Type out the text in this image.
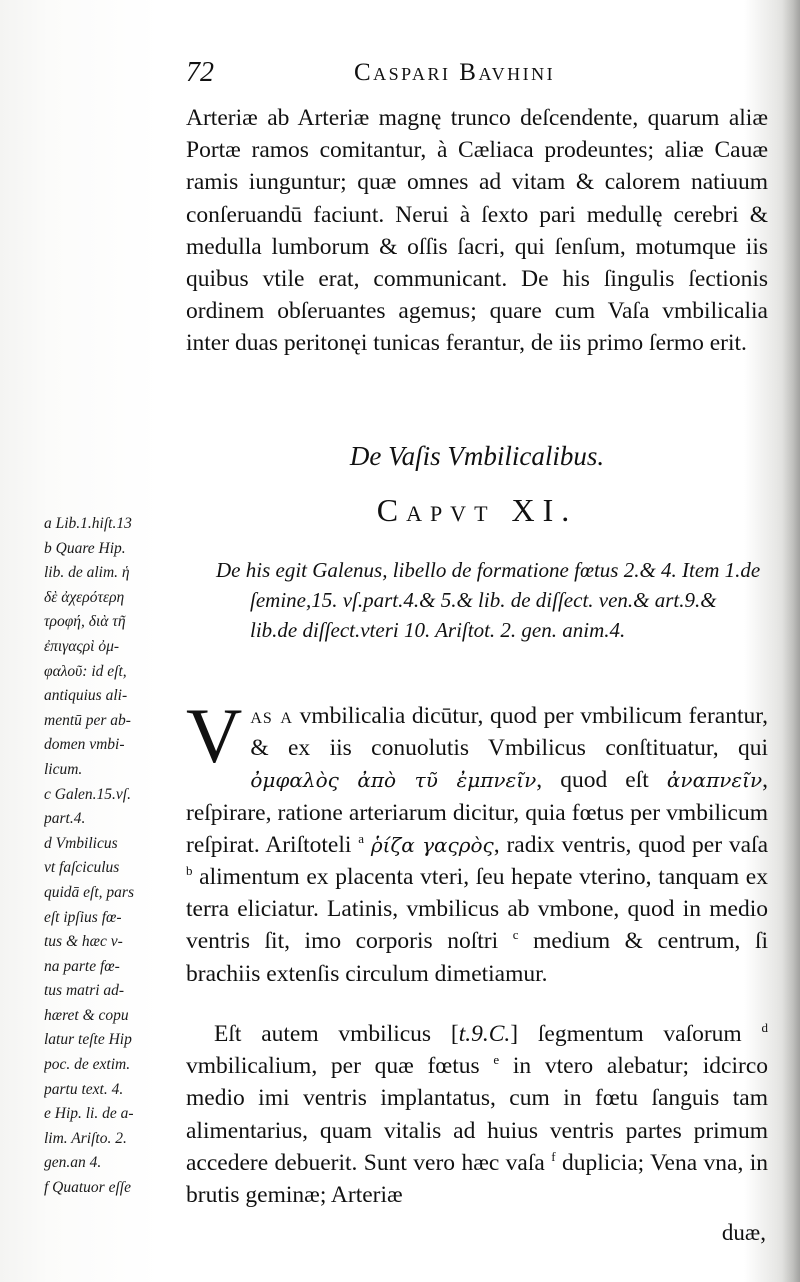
72	Caspari Bavhini
Arteriæ ab Arteriæ magnę trunco deſcendente, quarum aliæ Portæ ramos comitantur, à Cæliaca prodeuntes; aliæ Cauæ ramis iunguntur; quæ omnes ad vitam & calorem natiuum conſeruandū faciunt. Nerui à ſexto pari medullę cerebri & medulla lumborum & oſſis ſacri, qui ſenſum, motumque iis quibus vtile erat, communicant. De his ſingulis ſectionis ordinem obſeruantes agemus; quare cum Vaſa vmbilicalia inter duas peritonęi tunicas ferantur, de iis primo ſermo erit.
De Vaſis Vmbilicalibus.
Capvt XI.
De his egit Galenus, libello de formatione fœtus 2.& 4. Item 1.de ſemine,15. vſ.part.4.& 5.& lib. de diſſect. ven.& art.9.& lib.de diſſect.vteri 10. Ariſtot. 2. gen. anim.4.
Vas a vmbilicalia dicūtur, quod per vmbilicum ferantur, & ex iis conuolutis Vmbilicus conſtituatur, qui ὀμφαλὸς ἀπὸ τῦ ἐμπνεῖν, quod eſt ἀναπνεῖν, reſpirare, ratione arteriarum dicitur, quia fœtus per vmbilicum reſpirat. Ariſtoteli $^a$ ῥίζα γαςρὸς, radix ventris, quod per vaſa $^b$ alimentum ex placenta vteri, ſeu hepate vterino, tanquam ex terra eliciatur. Latinis, vmbilicus ab vmbone, quod in medio ventris ſit, imo corporis noſtri $^c$ medium & centrum, ſi brachiis extenſis circulum dimetiamur.
Eſt autem vmbilicus [t.9.C.] ſegmentum vaſorum $^d$ vmbilicalium, per quæ fœtus $^e$ in vtero alebatur; idcirco medio imi ventris implantatus, cum in fœtu ſanguis tam alimentarius, quam vitalis ad huius ventris partes primum accedere debuerit. Sunt vero hæc vaſa $^f$ duplicia; Vena vna, in brutis geminæ; Arteriæ
duæ,
a Lib.1.hiſt.13
b Quare Hip.
lib. de alim. ἡ
δὲ ἀχερότερη
τροφή, διὰ τῆ
ἐπιγαςρὶ ὀμ-
φαλοῦ: id eſt,
antiquius ali-
mentū per ab-
domen vmbi-
licum.
c Galen.15.vſ.
part.4.
d Vmbilicus
vt faſciculus
quidā eſt, pars
eſt ipſius fœ-
tus & hæc v-
na parte fœ-
tus matri ad-
hæret & copu
latur teſte Hip
poc. de extim.
partu text. 4.
e Hip. li. de a-
lim. Ariſto. 2.
gen.an 4.
f Quatuor eſſe
